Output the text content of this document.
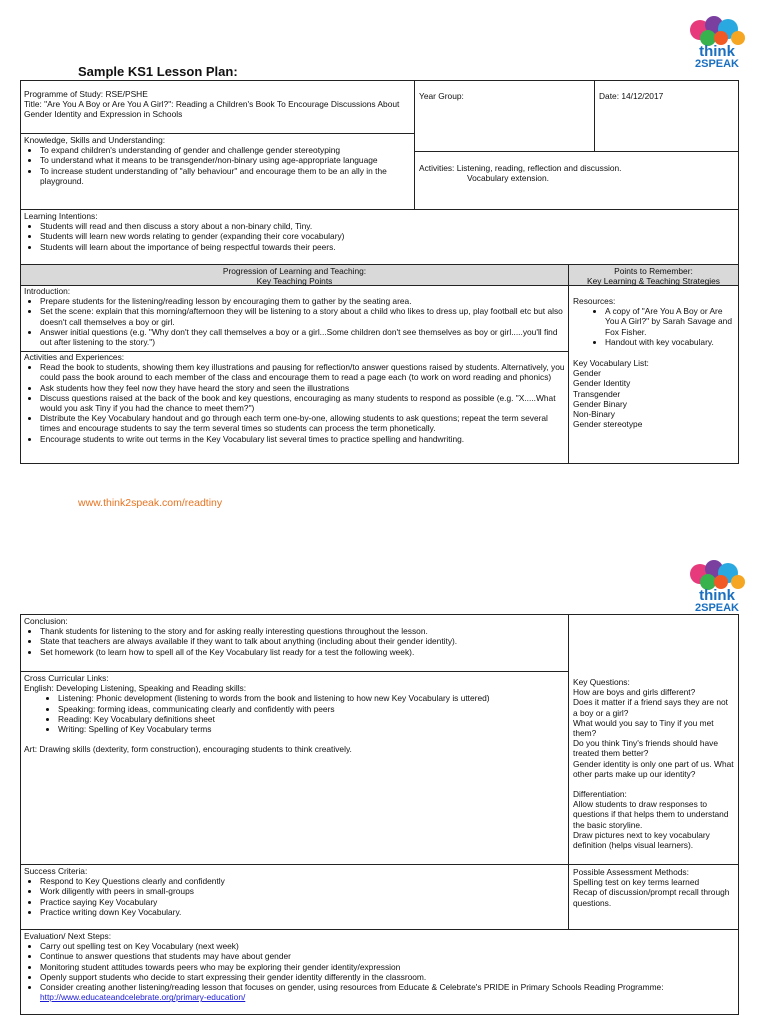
think
2SPEAK
Sample KS1 Lesson Plan:
Programme of Study: RSE/PSHE
Title: "Are You A Boy or Are You A Girl?": Reading a Children's Book To Encourage Discussions About Gender Identity and Expression in Schools
Year Group:	Date: 14/12/2017
Knowledge, Skills and Understanding:
• To expand children's understanding of gender and challenge gender stereotyping
• To understand what it means to be transgender/non-binary using age-appropriate language
• To increase student understanding of "ally behaviour" and encourage them to be an ally in the playground.
Activities: Listening, reading, reflection and discussion.
Vocabulary extension.
Learning Intentions:
• Students will read and then discuss a story about a non-binary child, Tiny.
• Students will learn new words relating to gender (expanding their core vocabulary)
• Students will learn about the importance of being respectful towards their peers.
Progression of Learning and Teaching:
Key Teaching Points
Points to Remember:
Key Learning & Teaching Strategies
Introduction:
• Prepare students for the listening/reading lesson by encouraging them to gather by the seating area.
• Set the scene: explain that this morning/afternoon they will be listening to a story about a child who likes to dress up, play football etc but also doesn't call themselves a boy or girl.
• Answer initial questions (e.g. "Why don't they call themselves a boy or a girl...Some children don't see themselves as boy or girl.....you'll find out after listening to the story.")
Activities and Experiences:
• Read the book to students, showing them key illustrations and pausing for reflection/to answer questions raised by students. Alternatively, you could pass the book around to each member of the class and encourage them to read a page each (to work on word reading and phonics)
• Ask students how they feel now they have heard the story and seen the illustrations
• Discuss questions raised at the back of the book and key questions, encouraging as many students to respond as possible (e.g. "X.....What would you ask Tiny if you had the chance to meet them?")
• Distribute the Key Vocabulary handout and go through each term one-by-one, allowing students to ask questions; repeat the term several times and encourage students to say the term several times so students can process the term phonetically.
• Encourage students to write out terms in the Key Vocabulary list several times to practice spelling and handwriting.
Resources:
• A copy of "Are You A Boy or Are You A Girl?" by Sarah Savage and Fox Fisher.
• Handout with key vocabulary.
Key Vocabulary List:
Gender
Gender Identity
Transgender
Gender Binary
Non-Binary
Gender stereotype
www.think2speak.com/readtiny
think
2SPEAK
Conclusion:
• Thank students for listening to the story and for asking really interesting questions throughout the lesson.
• State that teachers are always available if they want to talk about anything (including about their gender identity).
• Set homework (to learn how to spell all of the Key Vocabulary list ready for a test the following week).
Cross Curricular Links:
English: Developing Listening, Speaking and Reading skills:
• Listening: Phonic development (listening to words from the book and listening to how new Key Vocabulary is uttered)
• Speaking: forming ideas, communicating clearly and confidently with peers
• Reading: Key Vocabulary definitions sheet
• Writing: Spelling of Key Vocabulary terms
Art: Drawing skills (dexterity, form construction), encouraging students to think creatively.
Key Questions:
How are boys and girls different?
Does it matter if a friend says they are not a boy or a girl?
What would you say to Tiny if you met them?
Do you think Tiny's friends should have treated them better?
Gender identity is only one part of us. What other parts make up our identity?
Differentiation:
Allow students to draw responses to questions if that helps them to understand the basic storyline.
Draw pictures next to key vocabulary definition (helps visual learners).
Success Criteria:
• Respond to Key Questions clearly and confidently
• Work diligently with peers in small-groups
• Practice saying Key Vocabulary
• Practice writing down Key Vocabulary.
Possible Assessment Methods:
Spelling test on key terms learned
Recap of discussion/prompt recall through questions.
Evaluation/ Next Steps:
• Carry out spelling test on Key Vocabulary (next week)
• Continue to answer questions that students may have about gender
• Monitoring student attitudes towards peers who may be exploring their gender identity/expression
• Openly support students who decide to start expressing their gender identity differently in the classroom.
• Consider creating another listening/reading lesson that focuses on gender, using resources from Educate & Celebrate's PRIDE in Primary Schools Reading Programme:
http://www.educateandcelebrate.org/primary-education/
